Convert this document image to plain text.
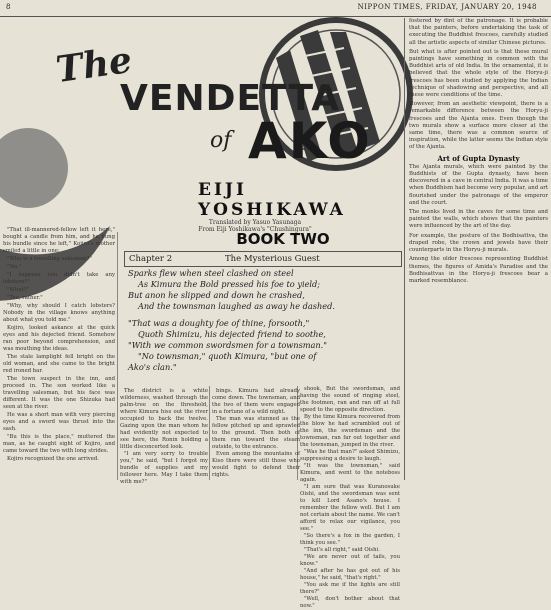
8	NIPPON TIMES, FRIDAY, JANUARY 20, 1948
The
VENDETTA
of AKO
EIJI YOSHIKAWA
Translated by Yasuo Yasunaga
From Eiji Yoshikawa's "Chushingura"
BOOK TWO
Chapter 2	The Mysterious Guest
Sparks flew when steel clashed on steel
As Kimura the Bold pressed his foe to yield;
But anon he slipped and down he crashed,
And the townsman laughed as away he dashed.
"That was a doughty foe of thine, forsooth,"
Quoth Shimizu, his dejected friend to soothe,
"With we common swordsmen for a townsman."
"No townsman," quoth Kimura, "but one of
Ako's clan."

"That ill-mannered-fellow left it here," bought a candle from him, and he hung his bundle since he left," Kojiro's mother smiled a little in one:

"Who is a travelling salesman?"

"No."

"I suppose you didn't take any lobsters?"

"What?"

"Tea, rather."

"Why, why should I catch lobsters? Nobody in the village knows anything about what you told me."

Kojiro, looked askance at the quick eyes and his dejected friend. Somehow ran poor beyond comprehension, and was mouthing the ideas.

The stale lamplight fell bright on the old woman, and she came to the bright red ironed bar.

The town suspect in the inn, and proceed in. The son worked like a travelling salesman, but his face was different. It was the one Shizuka had seen at the river.

He was a short man with very piercing eyes and a sword was thrust into the sash.

"Bu this is the place," muttered the man, as he caught sight of Kojiro, and came toward the two with long strides.

Kojiro recognized the one arrived.

The district is a white wilderness, washed through the palm-tree on the threshold, where Kimura hiss out the river occupied to back the twelve. Gazing upon the man whom he had evidently not expected to see here, the Ronin holding a little disconcerted look.

"I am very sorry to trouble you," he said, "but I forgot my bundle of supplies and my follower here. May I take them with me?"

bings. Kimura had already come down. The townsman, and the two of them were engaged in a fortune of a wild night.

The man was stunned as the fellow pitched up and sprawled to the ground. Then both of them ran toward the steam outside, to the entrance.

Even among the mountains of Kiso there were still those who would fight to defend their rights.

shook, But the swordsman, and having the sound of ringing steel, the footmen, ran and ran off at full speed to the opposite direction.

By the time Kimura recovered from the blow he had scrambled out of the inn, the swordsman and the townsman, ran far out together and the townsman, jumped in the river.

"Was he that man?" asked Shimizu, suppressing a desire to laugh.

"It was the townsman," said Kimura, and went to the noteboss again.

"I am sure that was Kuranosuke Oishi, and the swordsman was sent to kill Lord Asano's house. I remember the fellow well. But I am not certain about the name. We can't afford to relax our vigilance, you see."

"So there's a fox in the garden, I think you see."

"That's all right," said Oishi.

"We are never out of tails, you know."

"And after he has got out of his house," he said, "that's right."

"You ask me if the lights are still there?"

"Well, don't bother about that now."

fostered by dint of the patronage. It is probable that the painters, before undertaking the task of executing the Buddhist frescoes, carefully studied all the artistic aspects of similar Chinese pictures.

But what is after pointed out is that these mural paintings have something in common with the Buddhist arts of old India. In the ornamental, it is believed that the whole style of the Horyu-ji frescoes has been studied by applying the Indian technique of shadowing and perspective, and all these were conditions of the time.

However, from an aesthetic viewpoint, there is a remarkable difference between the Horyu-ji frescoes and the Ajanta ones. Even though the two murals show a surface more closer at the same time, there was a common source of inspiration, while the latter seems the Indian style of the Ajanta.

Art of Gupta Dynasty

The Ajanta murals, which were painted by the Buddhists of the Gupta dynasty, have been discovered in a cave in central India. It was a time when Buddhism had become very popular, and art flourished under the patronage of the emperor and the court.

The monks lived in the caves for some time and painted the walls, which shows that the painters were influenced by the art of the day.

For example, the posture of the Bodhisattva, the draped robe, the crown and jewels have their counterparts in the Horyu-ji murals.

Among the older frescoes representing Buddhist themes, the figures of Amida's Paradise and the Bodhisattvas in the Horyu-ji frescoes bear a marked resemblance.
